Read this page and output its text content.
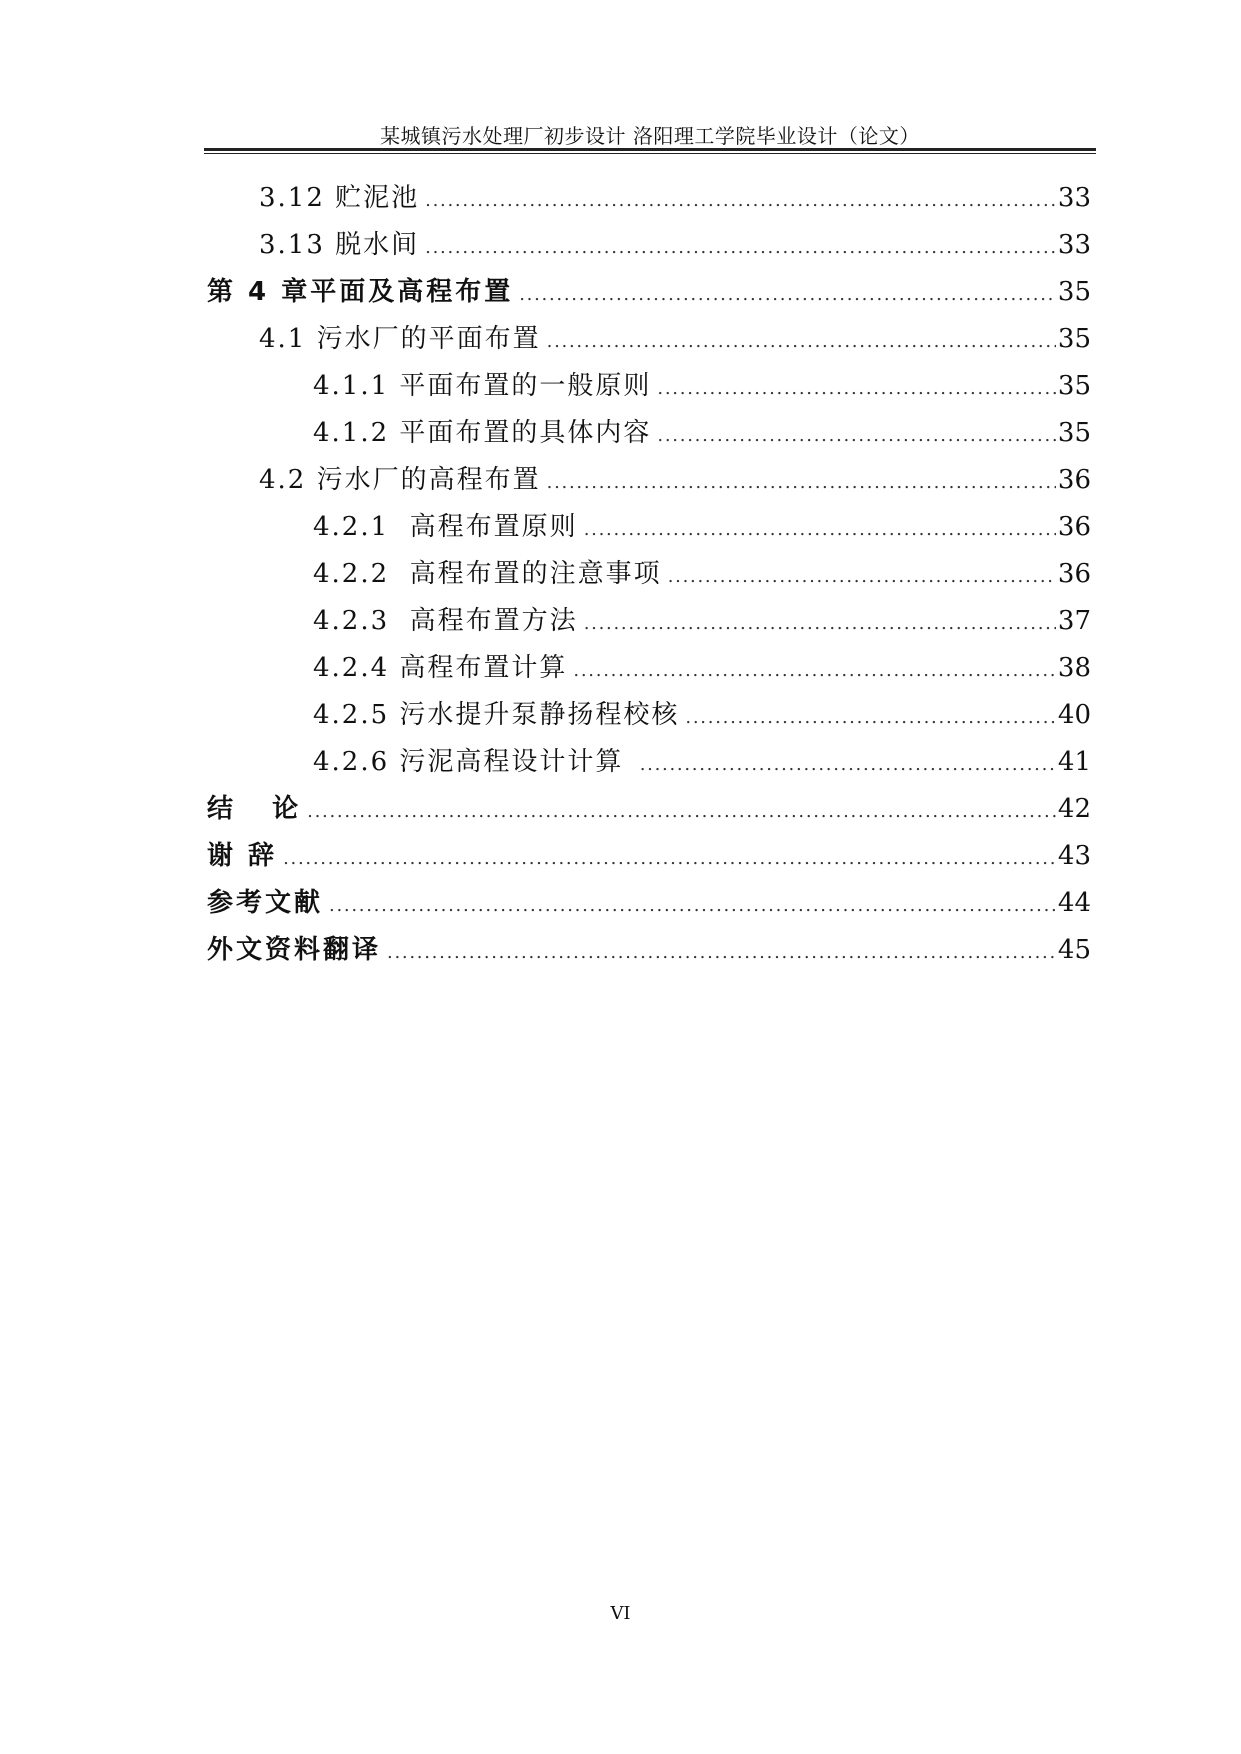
某城镇污水处理厂初步设计 洛阳理工学院毕业设计（论文）
3.12 贮泥池 . . .	33
3.13 脱水间 . . .	33
第 4 章平面及高程布置 . . .	35
4.1 污水厂的平面布置 . . .	35
4.1.1 平面布置的一般原则 . . .	35
4.1.2 平面布置的具体内容 . . .	35
4.2 污水厂的高程布置 . . .	36
4.2.1  高程布置原则 . . .	36
4.2.2  高程布置的注意事项 . . .	36
4.2.3  高程布置方法 . . .	37
4.2.4 高程布置计算 . . .	38
4.2.5 污水提升泵静扬程校核 . . .	40
4.2.6 污泥高程设计计算 . . .	41
结   论 . . .	42
谢 辞 . . .	43
参考文献 . . .	44
外文资料翻译 . . .	45
VI
